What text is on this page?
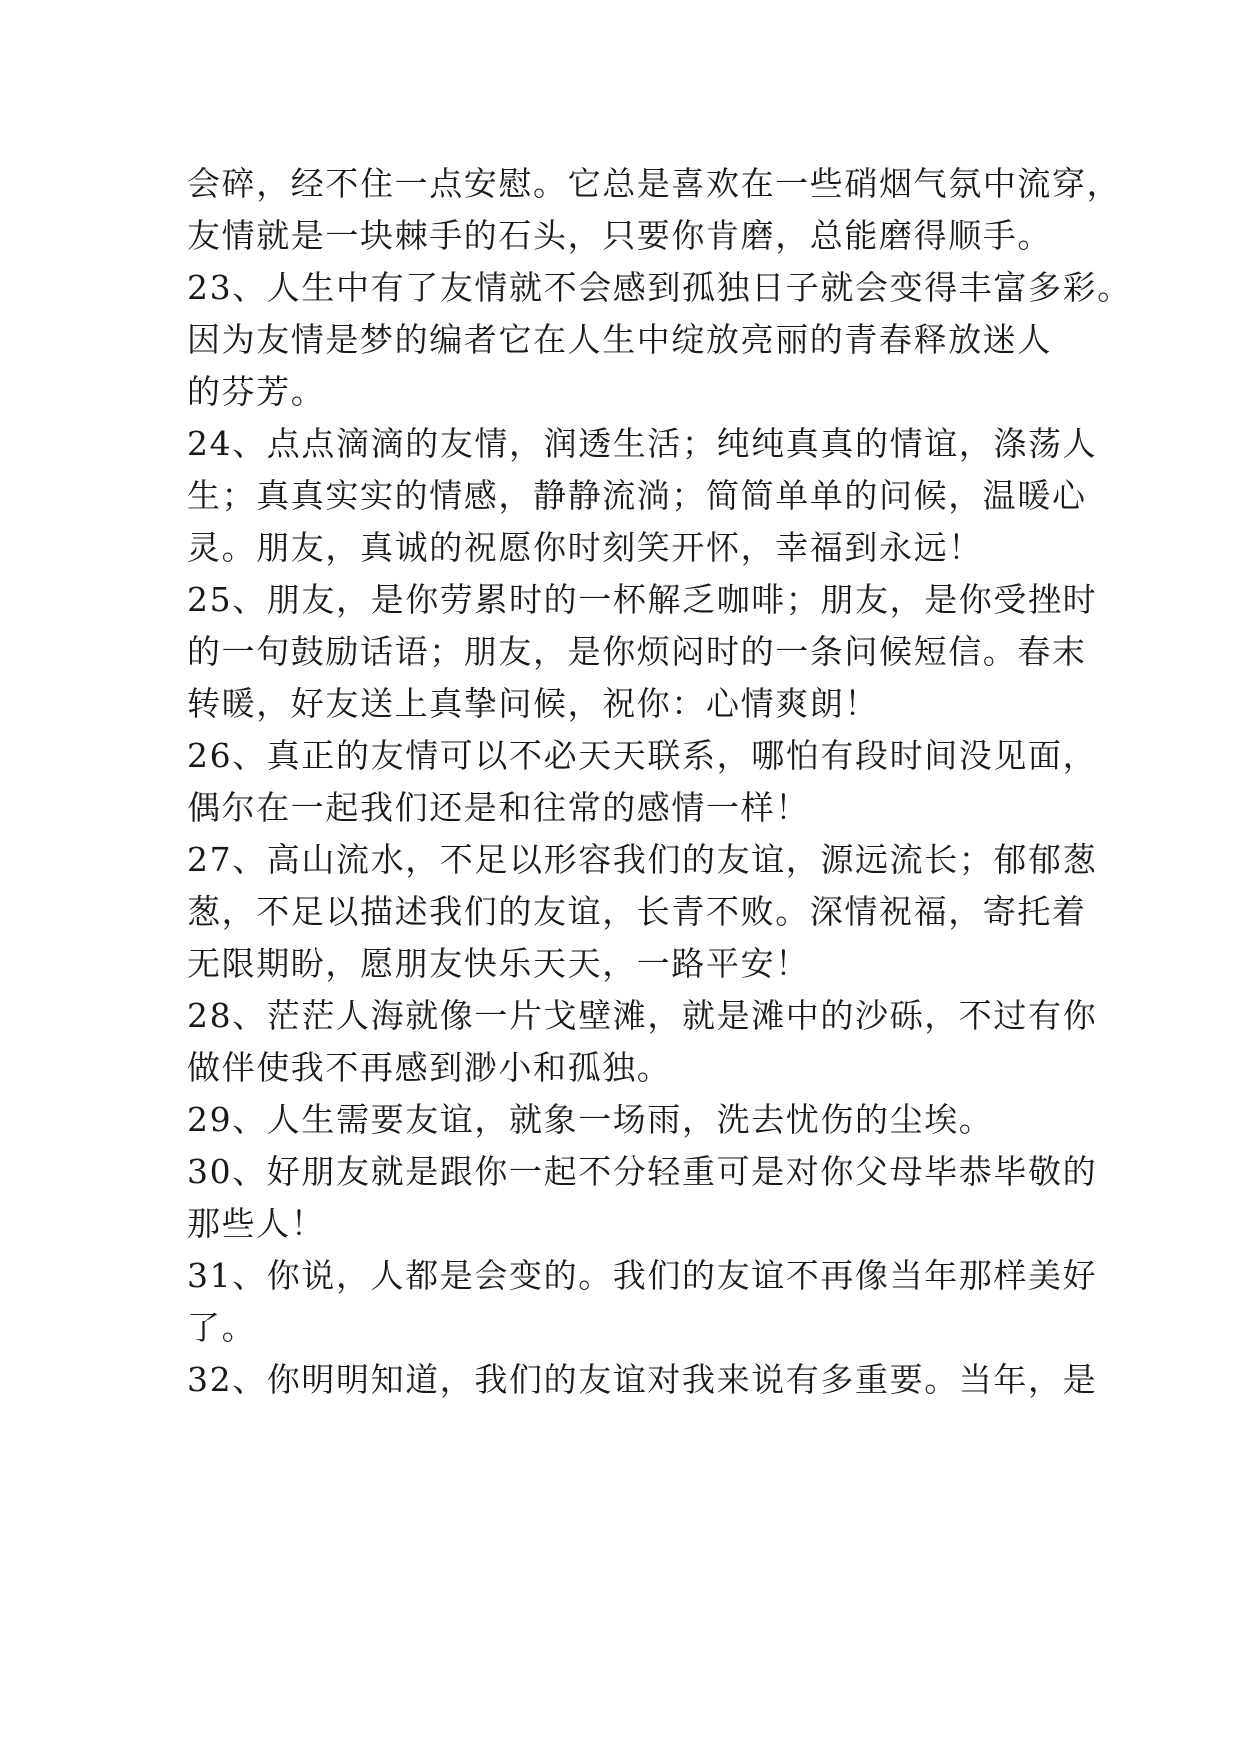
会碎，经不住一点安慰。它总是喜欢在一些硝烟气氛中流穿，
友情就是一块棘手的石头，只要你肯磨，总能磨得顺手。
23、人生中有了友情就不会感到孤独日子就会变得丰富多彩。
因为友情是梦的编者它在人生中绽放亮丽的青春释放迷人
的芬芳。
24、点点滴滴的友情，润透生活；纯纯真真的情谊，涤荡人
生；真真实实的情感，静静流淌；简简单单的问候，温暖心
灵。朋友，真诚的祝愿你时刻笑开怀，幸福到永远！
25、朋友，是你劳累时的一杯解乏咖啡；朋友，是你受挫时
的一句鼓励话语；朋友，是你烦闷时的一条问候短信。春末
转暖，好友送上真挚问候，祝你：心情爽朗！
26、真正的友情可以不必天天联系，哪怕有段时间没见面，
偶尔在一起我们还是和往常的感情一样！
27、高山流水，不足以形容我们的友谊，源远流长；郁郁葱
葱，不足以描述我们的友谊，长青不败。深情祝福，寄托着
无限期盼，愿朋友快乐天天，一路平安！
28、茫茫人海就像一片戈壁滩，就是滩中的沙砾，不过有你
做伴使我不再感到渺小和孤独。
29、人生需要友谊，就象一场雨，洗去忧伤的尘埃。
30、好朋友就是跟你一起不分轻重可是对你父母毕恭毕敬的
那些人！
31、你说，人都是会变的。我们的友谊不再像当年那样美好
了。
32、你明明知道，我们的友谊对我来说有多重要。当年，是
